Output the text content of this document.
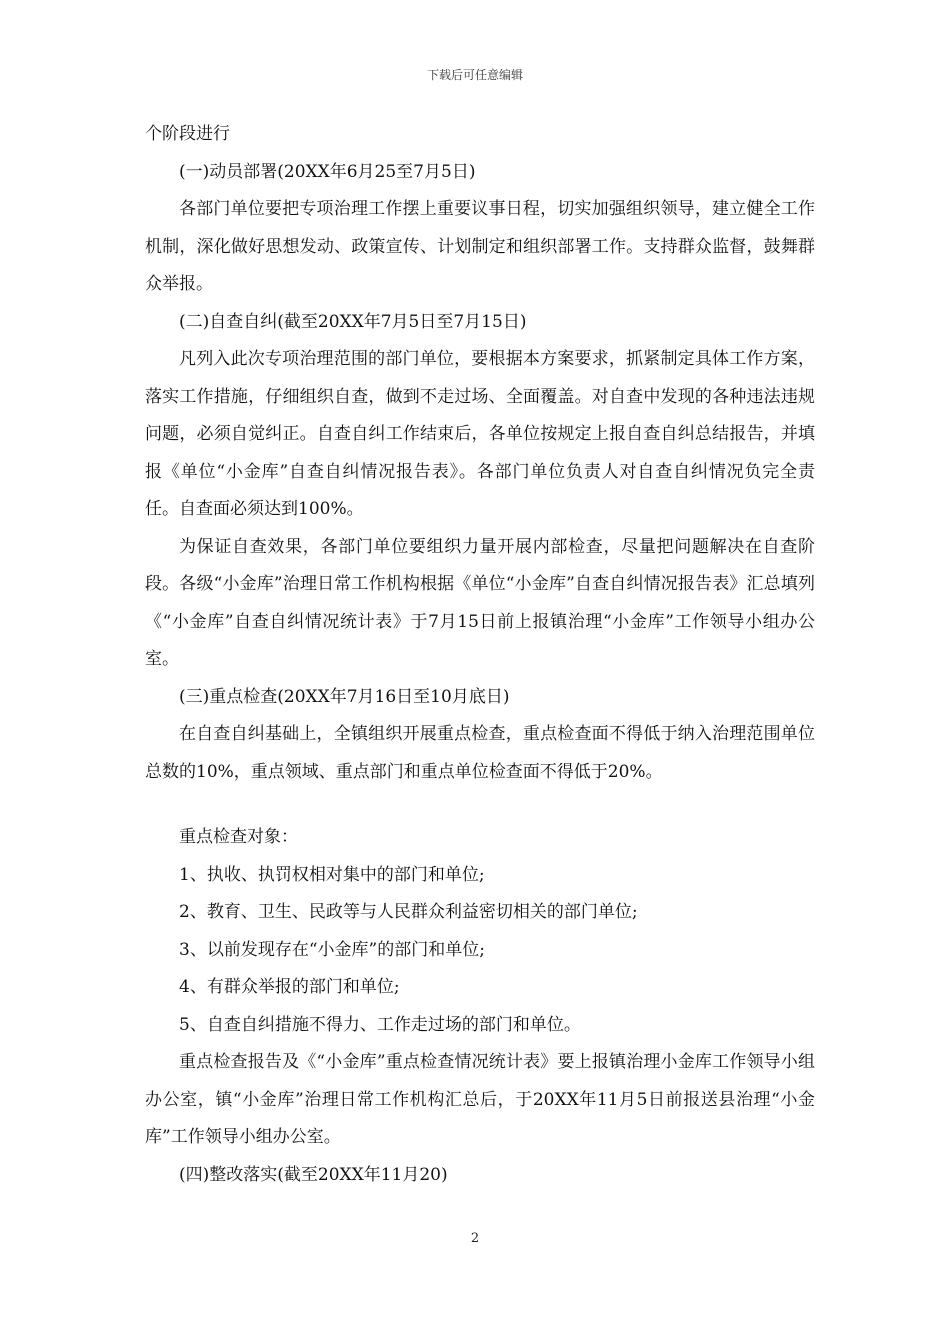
下载后可任意编辑

个阶段进行

(一)动员部署(20XX年6月25至7月5日)

各部门单位要把专项治理工作摆上重要议事日程，切实加强组织领导，建立健全工作机制，深化做好思想发动、政策宣传、计划制定和组织部署工作。支持群众监督，鼓舞群众举报。

(二)自查自纠(截至20XX年7月5日至7月15日)

凡列入此次专项治理范围的部门单位，要根据本方案要求，抓紧制定具体工作方案，落实工作措施，仔细组织自查，做到不走过场、全面覆盖。对自查中发现的各种违法违规问题，必须自觉纠正。自查自纠工作结束后，各单位按规定上报自查自纠总结报告，并填报《单位“小金库”自查自纠情况报告表》。各部门单位负责人对自查自纠情况负完全责任。自查面必须达到100%。

为保证自查效果，各部门单位要组织力量开展内部检查，尽量把问题解决在自查阶段。各级“小金库”治理日常工作机构根据《单位“小金库”自查自纠情况报告表》汇总填列《“小金库”自查自纠情况统计表》于7月15日前上报镇治理“小金库”工作领导小组办公室。

(三)重点检查(20XX年7月16日至10月底日)

在自查自纠基础上，全镇组织开展重点检查，重点检查面不得低于纳入治理范围单位总数的10%，重点领域、重点部门和重点单位检查面不得低于20%。

重点检查对象：

1、执收、执罚权相对集中的部门和单位;

2、教育、卫生、民政等与人民群众利益密切相关的部门单位;

3、以前发现存在“小金库”的部门和单位;

4、有群众举报的部门和单位;

5、自查自纠措施不得力、工作走过场的部门和单位。

重点检查报告及《“小金库”重点检查情况统计表》要上报镇治理小金库工作领导小组办公室，镇“小金库”治理日常工作机构汇总后，于20XX年11月5日前报送县治理“小金库”工作领导小组办公室。

(四)整改落实(截至20XX年11月20)

2
